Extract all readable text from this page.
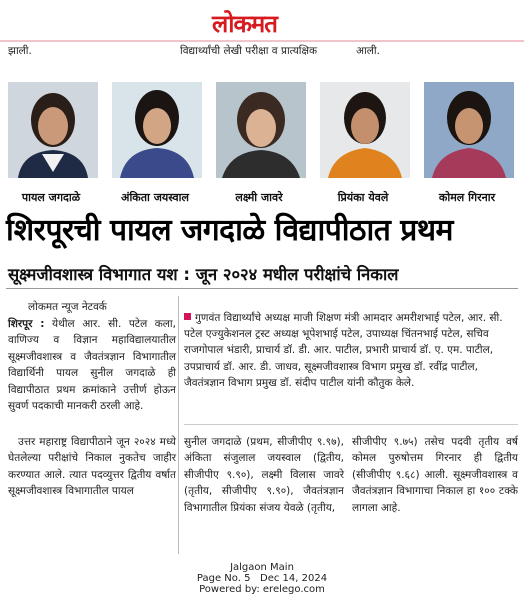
लोकमत
झाली.	विद्यार्थ्यांची लेखी परीक्षा व प्रात्यक्षिक	आली.
पायल जगदाळे	अंकिता जयस्वाल	लक्ष्मी जावरे	प्रियंका येवले	कोमल गिरनार
शिरपूरची पायल जगदाळे विद्यापीठात प्रथम
सूक्ष्मजीवशास्त्र विभागात यश : जून २०२४ मधील परीक्षांचे निकाल
लोकमत न्यूज नेटवर्क
शिरपूर : येथील आर. सी. पटेल कला, वाणिज्य व विज्ञान महाविद्यालयातील सूक्ष्मजीवशास्त्र व जैवतंत्रज्ञान विभागातील विद्यार्थिनी पायल सुनील जगदाळे ही विद्यापीठात प्रथम क्रमांकाने उत्तीर्ण होऊन सुवर्ण पदकाची मानकरी ठरली आहे.
उत्तर महाराष्ट्र विद्यापीठाने जून २०२४ मध्ये घेतलेल्या परीक्षांचे निकाल नुकतेच जाहीर करण्यात आले. त्यात पदव्युत्तर द्वितीय वर्षात सूक्ष्मजीवशास्त्र विभागातील पायल
गुणवंत विद्यार्थ्यांचे अध्यक्ष माजी शिक्षण मंत्री आमदार अमरीशभाई पटेल, आर. सी. पटेल एज्युकेशनल ट्रस्ट अध्यक्ष भूपेशभाई पटेल, उपाध्यक्ष चिंतनभाई पटेल, सचिव राजगोपाल भंडारी, प्राचार्य डॉ. डी. आर. पाटील, प्रभारी प्राचार्य डॉ. ए. एम. पाटील, उपप्राचार्य डॉ. आर. डी. जाधव, सूक्ष्मजीवशास्त्र विभाग प्रमुख डॉ. रवींद्र पाटील, जैवतंत्रज्ञान विभाग प्रमुख डॉ. संदीप पाटील यांनी कौतुक केले.
सुनील जगदाळे (प्रथम, सीजीपीए ९.९७), अंकिता संजुलाल जयस्वाल (द्वितीय, सीजीपीए ९.९०), लक्ष्मी विलास जावरे (तृतीय, सीजीपीए ९.९०), जैवतंत्रज्ञान विभागातील प्रियंका संजय येवळे (तृतीय,
सीजीपीए ९.७५) तसेच पदवी तृतीय वर्ष कोमल पुरुषोत्तम गिरनार ही द्वितीय (सीजीपीए ९.६८) आली. सूक्ष्मजीवशास्त्र व जैवतंत्रज्ञान विभागाचा निकाल हा १०० टक्के लागला आहे.
Jalgaon Main
Page No. 5 Dec 14, 2024
Powered by: erelego.com
